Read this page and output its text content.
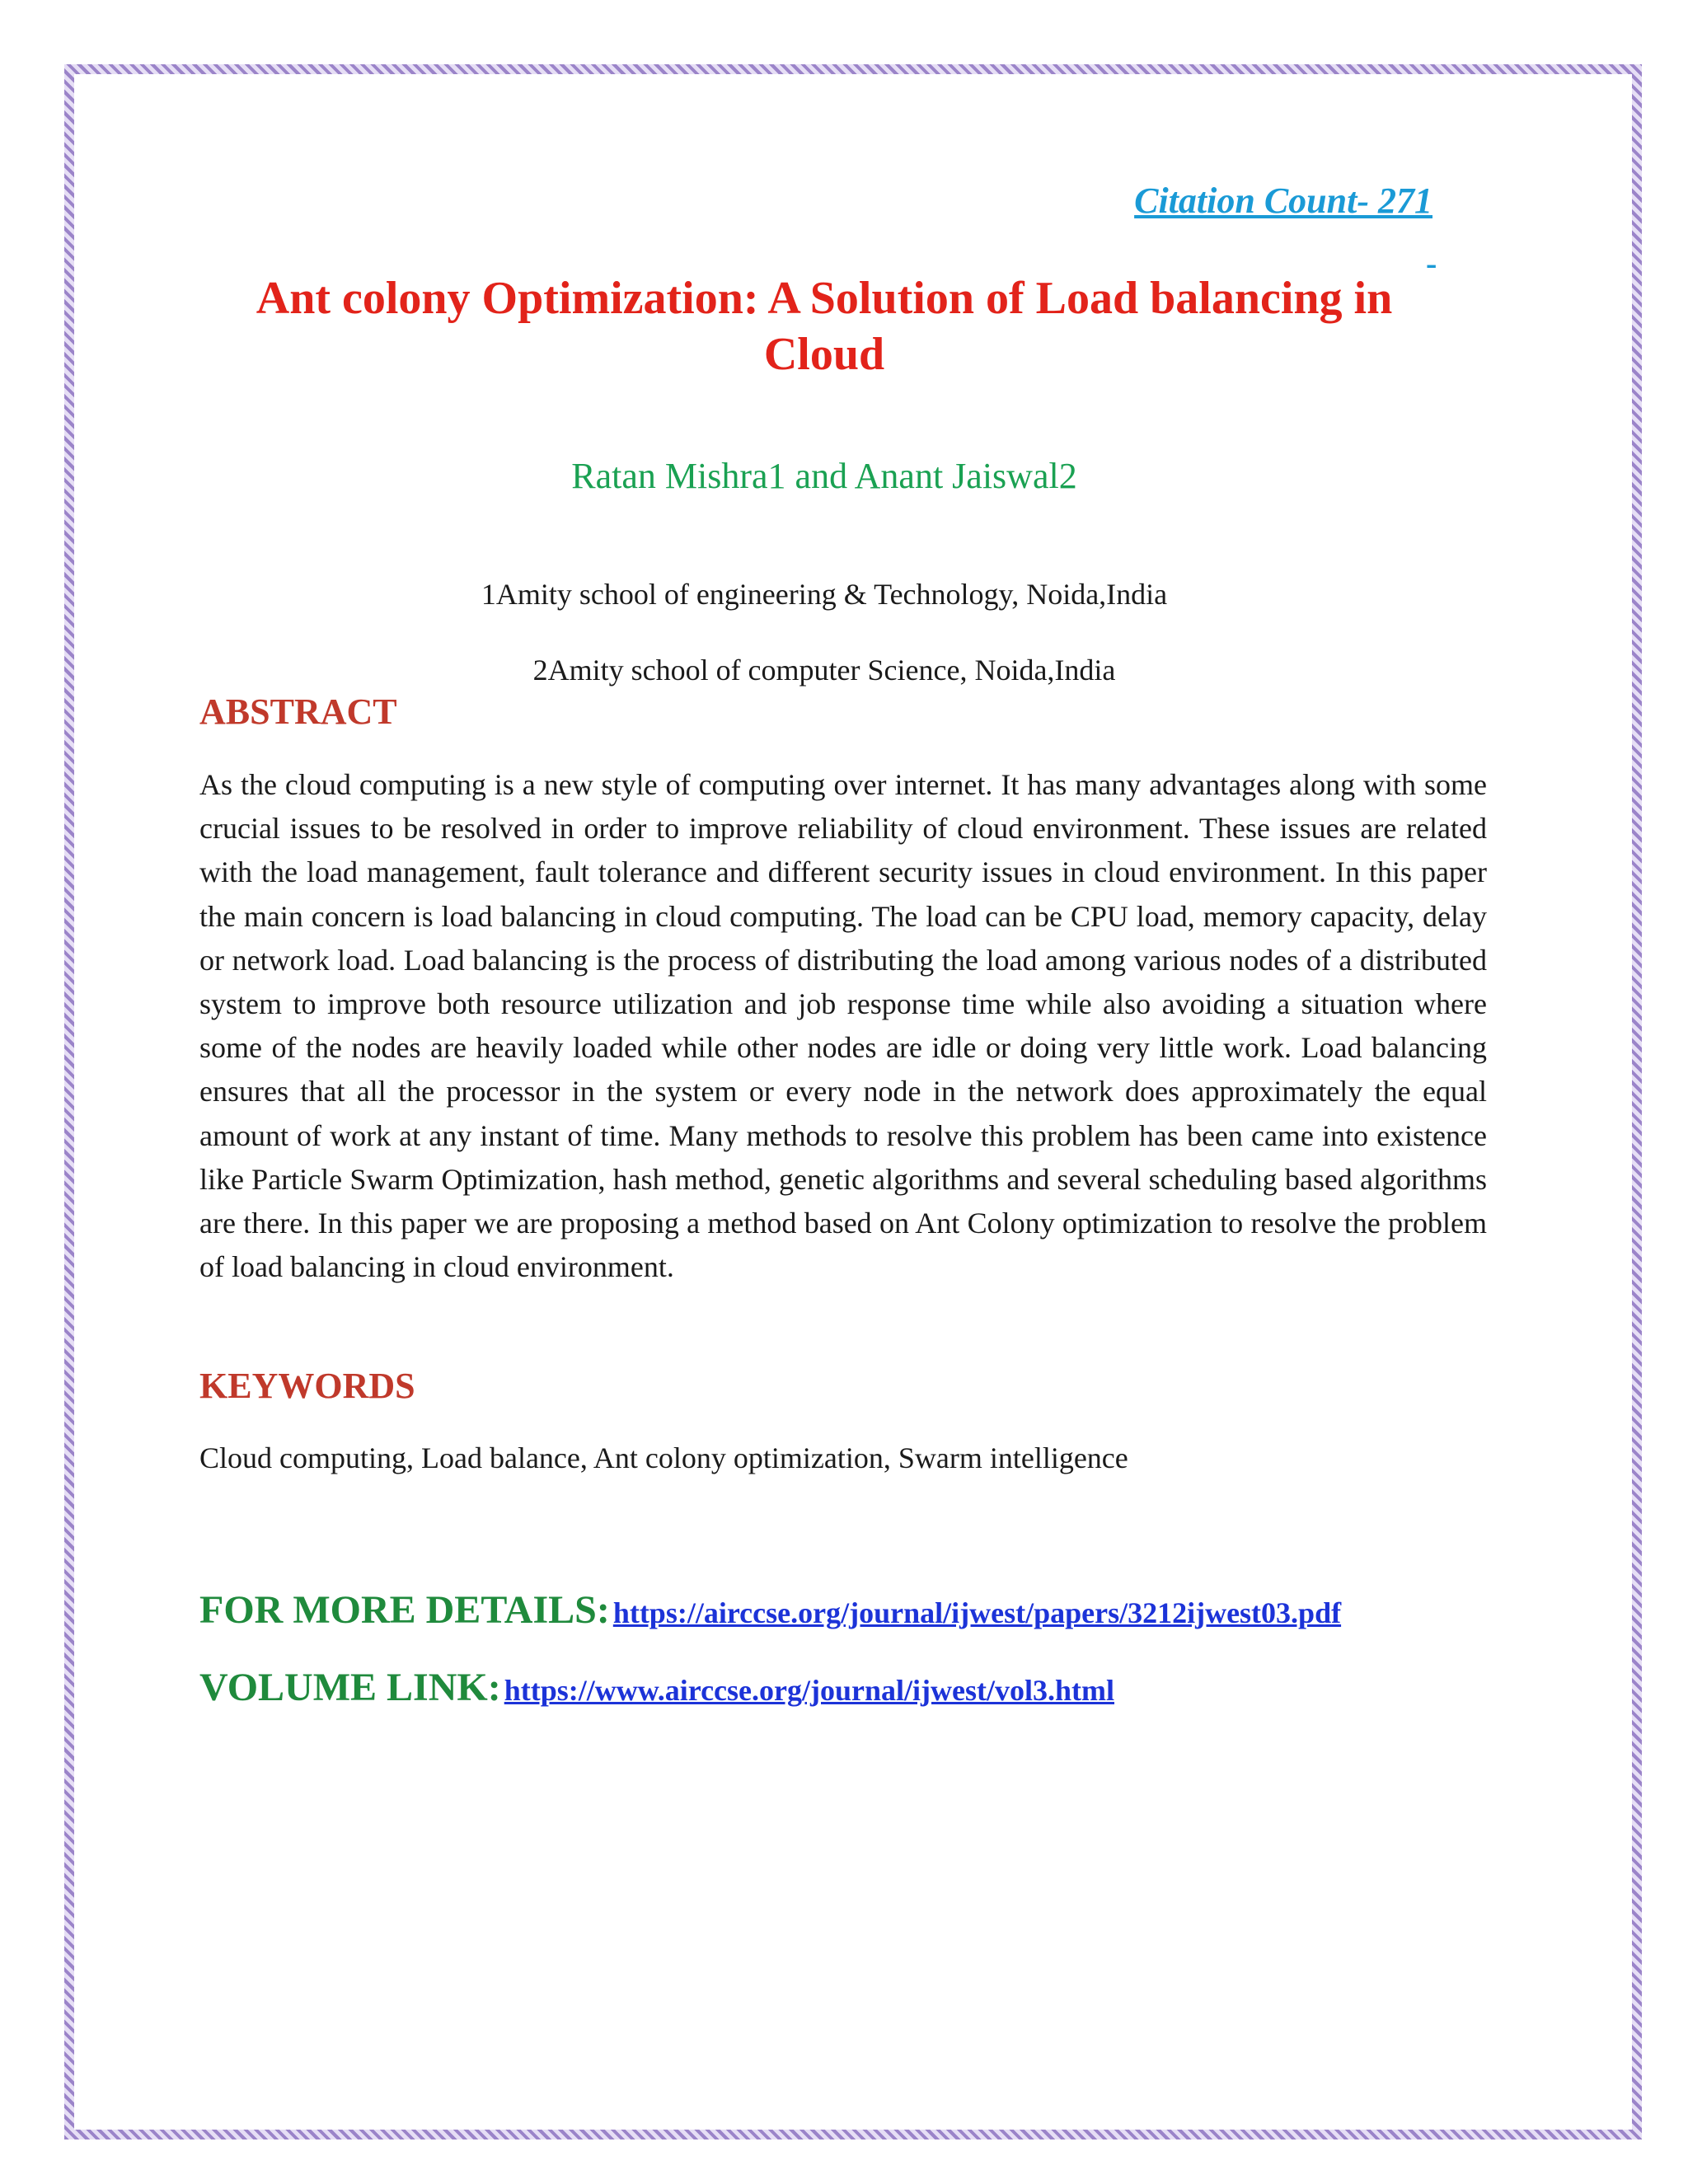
Citation Count- 271
-
Ant colony Optimization: A Solution of Load balancing in Cloud
Ratan Mishra1 and Anant Jaiswal2
1Amity school of engineering & Technology, Noida,India
2Amity school of computer Science, Noida,India
ABSTRACT

As the cloud computing is a new style of computing over internet. It has many advantages along with some crucial issues to be resolved in order to improve reliability of cloud environment. These issues are related with the load management, fault tolerance and different security issues in cloud environment. In this paper the main concern is load balancing in cloud computing. The load can be CPU load, memory capacity, delay or network load. Load balancing is the process of distributing the load among various nodes of a distributed system to improve both resource utilization and job response time while also avoiding a situation where some of the nodes are heavily loaded while other nodes are idle or doing very little work. Load balancing ensures that all the processor in the system or every node in the network does approximately the equal amount of work at any instant of time. Many methods to resolve this problem has been came into existence like Particle Swarm Optimization, hash method, genetic algorithms and several scheduling based algorithms are there. In this paper we are proposing a method based on Ant Colony optimization to resolve the problem of load balancing in cloud environment.

KEYWORDS

Cloud computing, Load balance, Ant colony optimization, Swarm intelligence

FOR MORE DETAILS: https://airccse.org/journal/ijwest/papers/3212ijwest03.pdf
VOLUME LINK: https://www.airccse.org/journal/ijwest/vol3.html
